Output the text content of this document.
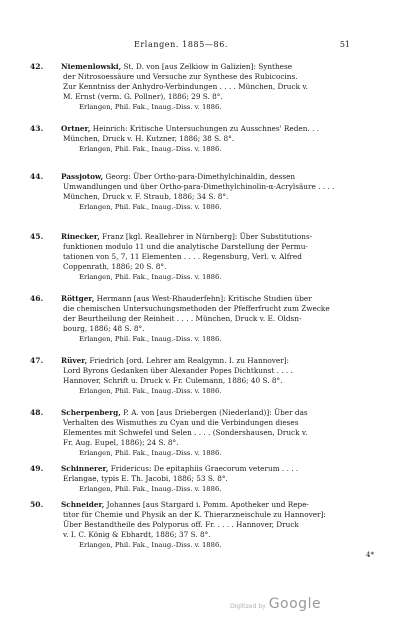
Erlangen. 1885—86.	51
42. Niemenlowski, St. D. von [aus Zelkiow in Galizien]: Synthese
der Nitrosoessäure und Versuche zur Synthese des Rubicocins.
Zur Kenntniss der Anhydro-Verbindungen . . . . München, Druck v.
M. Ernst (verm. G. Pollner), 1886; 29 S. 8°.
Erlangen, Phil. Fak., Inaug.-Diss. v. 1886.
43. Ortner, Heinrich: Kritische Untersuchungen zu Ausschnes' Reden. . .
München, Druck v. H. Kutzner, 1886; 38 S. 8°.
Erlangen, Phil. Fak., Inaug.-Diss. v. 1886.
44. Passjotow, Georg: Über Ortho-para-Dimethylchinaldin, dessen
Umwandlungen und über Ortho-para-Dimethylchinolin-α-Acrylsäure . . . .
München, Druck v. F. Straub, 1886; 34 S. 8°.
Erlangen, Phil. Fak., Inaug.-Diss. v. 1886.
45. Rinecker, Franz [kgl. Reallehrer in Nürnberg]: Über Substitutions-
funktionen modulo 11 und die analytische Darstellung der Permu-
tationen von 5, 7, 11 Elementen . . . . Regensburg, Verl. v. Alfred
Coppenrath, 1886; 20 S. 8°.
Erlangen, Phil. Fak., Inaug.-Diss. v. 1886.
46. Röttger, Hermann [aus West-Rhauderfehn]: Kritische Studien über
die chemischen Untersuchungsmethoden der Pfefferfrucht zum Zwecke
der Beurtheilung der Reinheit . . . . München, Druck v. E. Oldsn-
bourg, 1886; 48 S. 8°.
Erlangen, Phil. Fak., Inaug.-Diss. v. 1886.
47. Rüver, Friedrich [ord. Lehrer am Realgymn. I. zu Hannover]:
Lord Byrons Gedanken über Alexander Popes Dichtkunst . . . .
Hannover, Schrift u. Druck v. Fr. Culemann, 1886; 40 S. 8°.
Erlangen, Phil. Fak., Inaug.-Diss. v. 1886.
48. Scherpenberg, P. A. von [aus Driebergen (Niederland)]: Über das
Verhalten des Wismuthes zu Cyan und die Verbindungen dieses
Elementes mit Schwefel und Selen . . . . (Sondershausen, Druck v.
Fr. Aug. Eupel, 1886); 24 S. 8°.
Erlangen, Phil. Fak., Inaug.-Diss. v. 1886.
49. Schinnerer, Fridericus: De epitaphiis Graecorum veterum . . . .
Erlangae, typis E. Th. Jacobi, 1886; 53 S. 8°.
Erlangen, Phil. Fak., Inaug.-Diss. v. 1886.
50. Schneider, Johannes [aus Stargard i. Pomm. Apotheker und Repe-
titor für Chemie und Physik an der K. Thierarzneischule zu Hannover]:
Über Bestandtheile des Polyporus off. Fr. . . . . Hannover, Druck
v. I. C. König & Ebhardt, 1886; 37 S. 8°.
Erlangen, Phil. Fak., Inaug.-Diss. v. 1886.
4*
Digitized by Google
